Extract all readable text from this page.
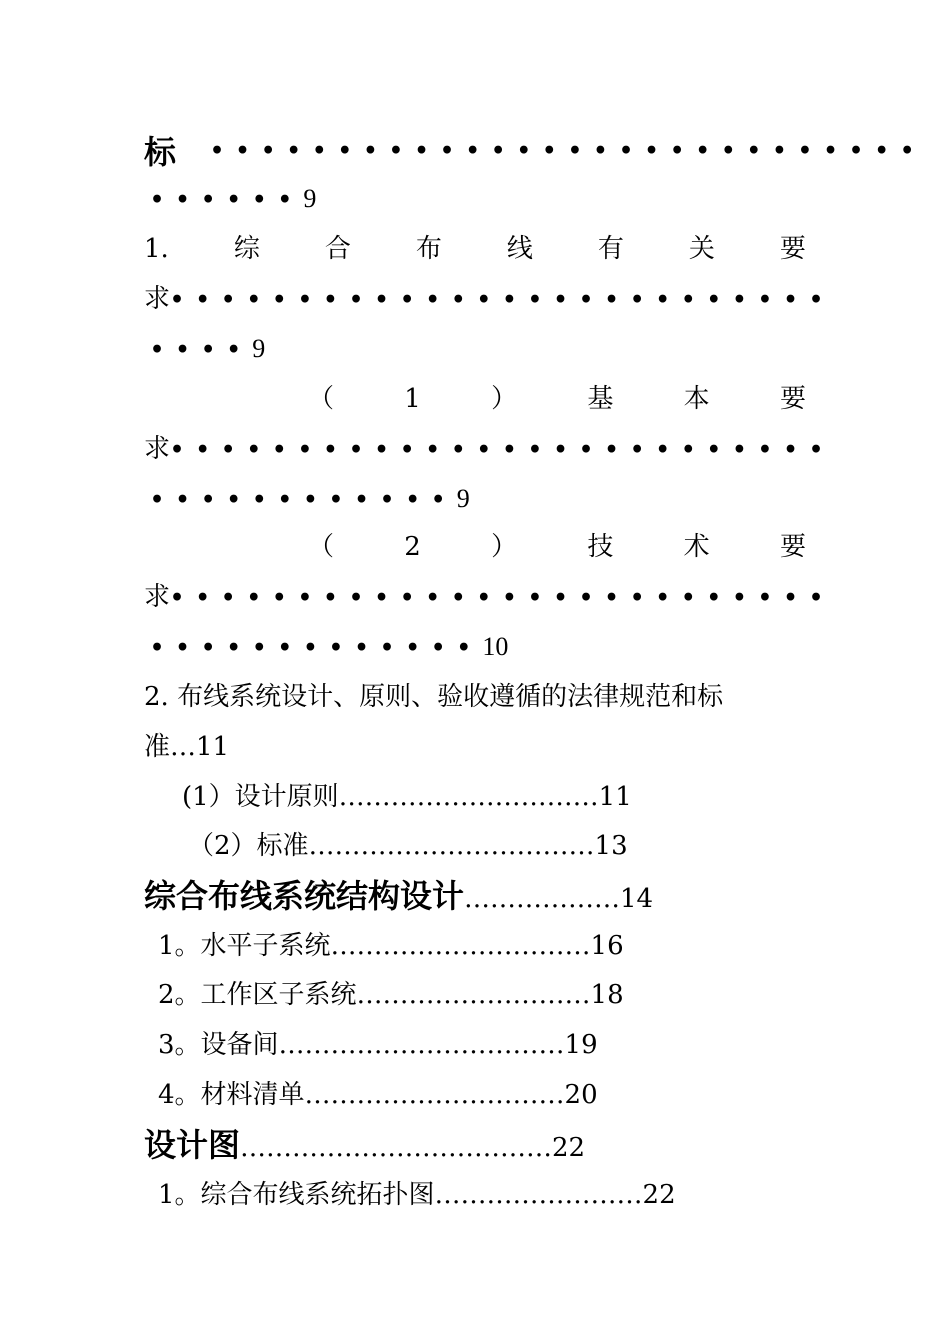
标 ••••••••••••••••••••••••••••
••••••9
1.	综	合	布	线	有	关	要
求••••••••••••••••••••••••••
••••9
（	1	）	基	本	要
求••••••••••••••••••••••••••
••••••••••••9
（	2	）	技	术	要
求••••••••••••••••••••••••••
•••••••••••••10
2. 布线系统设计、原则、验收遵循的法律规范和标
准…11
(1）设计原则…………………………11
（2）标准……………………………13
综合布线系统结构设计………………14
1。水平子系统…………………………16
2。工作区子系统………………………18
3。设备间……………………………19
4。材料清单…………………………20
设计图………………………………22
1。综合布线系统拓扑图……………………22
